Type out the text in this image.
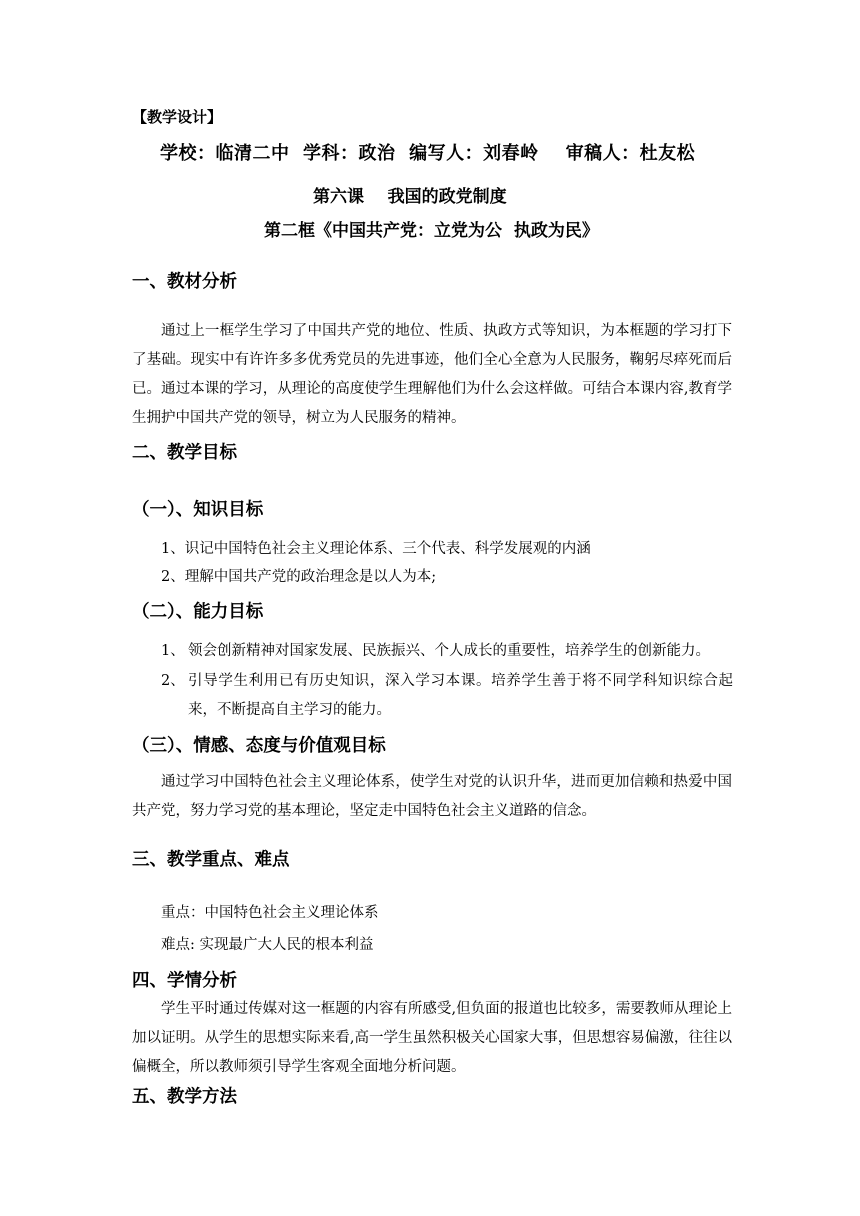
【教学设计】
学校：临清二中  学科：政治  编写人：刘春岭    审稿人：杜友松
第六课    我国的政党制度
第二框《中国共产党：立党为公  执政为民》
一、教材分析
通过上一框学生学习了中国共产党的地位、性质、执政方式等知识，为本框题的学习打下了基础。现实中有许许多多优秀党员的先进事迹，他们全心全意为人民服务，鞠躬尽瘁死而后已。通过本课的学习，从理论的高度使学生理解他们为什么会这样做。可结合本课内容,教育学生拥护中国共产党的领导，树立为人民服务的精神。
二、教学目标
（一）、知识目标
1、识记中国特色社会主义理论体系、三个代表、科学发展观的内涵
2、理解中国共产党的政治理念是以人为本;
（二）、能力目标
1、 领会创新精神对国家发展、民族振兴、个人成长的重要性，培养学生的创新能力。
2、 引导学生利用已有历史知识，深入学习本课。培养学生善于将不同学科知识综合起来，不断提高自主学习的能力。
（三）、情感、态度与价值观目标
通过学习中国特色社会主义理论体系，使学生对党的认识升华，进而更加信赖和热爱中国共产党，努力学习党的基本理论，坚定走中国特色社会主义道路的信念。
三、教学重点、难点
重点：中国特色社会主义理论体系
难点: 实现最广大人民的根本利益
四、学情分析
学生平时通过传媒对这一框题的内容有所感受,但负面的报道也比较多，需要教师从理论上加以证明。从学生的思想实际来看,高一学生虽然积极关心国家大事，但思想容易偏激，往往以偏概全，所以教师须引导学生客观全面地分析问题。
五、教学方法
